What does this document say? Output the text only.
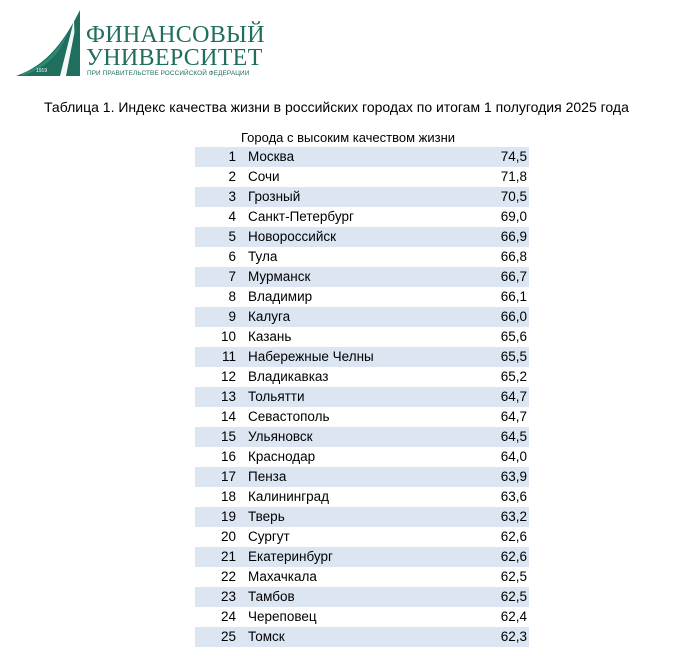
1919
ФИНАНСОВЫЙ
УНИВЕРСИТЕТ
ПРИ ПРАВИТЕЛЬСТВЕ РОССИЙСКОЙ ФЕДЕРАЦИИ
Таблица 1. Индекс качества жизни в российских городах по итогам 1 полугодия 2025 года
Города с высоким качеством жизни
1 Москва	74,5
2 Сочи	71,8
3 Грозный	70,5
4 Санкт-Петербург	69,0
5 Новороссийск	66,9
6 Тула	66,8
7 Мурманск	66,7
8 Владимир	66,1
9 Калуга	66,0
10 Казань	65,6
11 Набережные Челны	65,5
12 Владикавказ	65,2
13 Тольятти	64,7
14 Севастополь	64,7
15 Ульяновск	64,5
16 Краснодар	64,0
17 Пенза	63,9
18 Калининград	63,6
19 Тверь	63,2
20 Сургут	62,6
21 Екатеринбург	62,6
22 Махачкала	62,5
23 Тамбов	62,5
24 Череповец	62,4
25 Томск	62,3
